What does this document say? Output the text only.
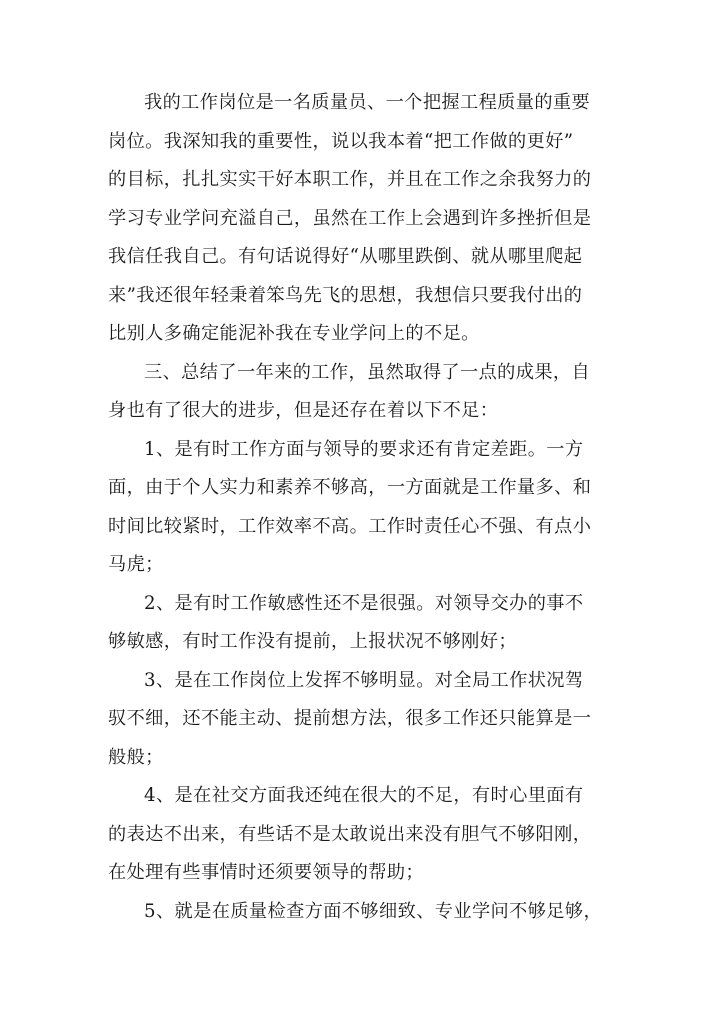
我的工作岗位是一名质量员、一个把握工程质量的重要
岗位。我深知我的重要性，说以我本着“把工作做的更好”
的目标，扎扎实实干好本职工作，并且在工作之余我努力的
学习专业学问充溢自己，虽然在工作上会遇到许多挫折但是
我信任我自己。有句话说得好“从哪里跌倒、就从哪里爬起
来”我还很年轻秉着笨鸟先飞的思想，我想信只要我付出的
比别人多确定能泥补我在专业学问上的不足。

三、总结了一年来的工作，虽然取得了一点的成果，自
身也有了很大的进步，但是还存在着以下不足：

1、是有时工作方面与领导的要求还有肯定差距。一方
面，由于个人实力和素养不够高，一方面就是工作量多、和
时间比较紧时，工作效率不高。工作时责任心不强、有点小
马虎；

2、是有时工作敏感性还不是很强。对领导交办的事不
够敏感，有时工作没有提前，上报状况不够刚好；

3、是在工作岗位上发挥不够明显。对全局工作状况驾
驭不细，还不能主动、提前想方法，很多工作还只能算是一
般般；

4、是在社交方面我还纯在很大的不足，有时心里面有
的表达不出来，有些话不是太敢说出来没有胆气不够阳刚，
在处理有些事情时还须要领导的帮助；

5、就是在质量检查方面不够细致、专业学问不够足够，
